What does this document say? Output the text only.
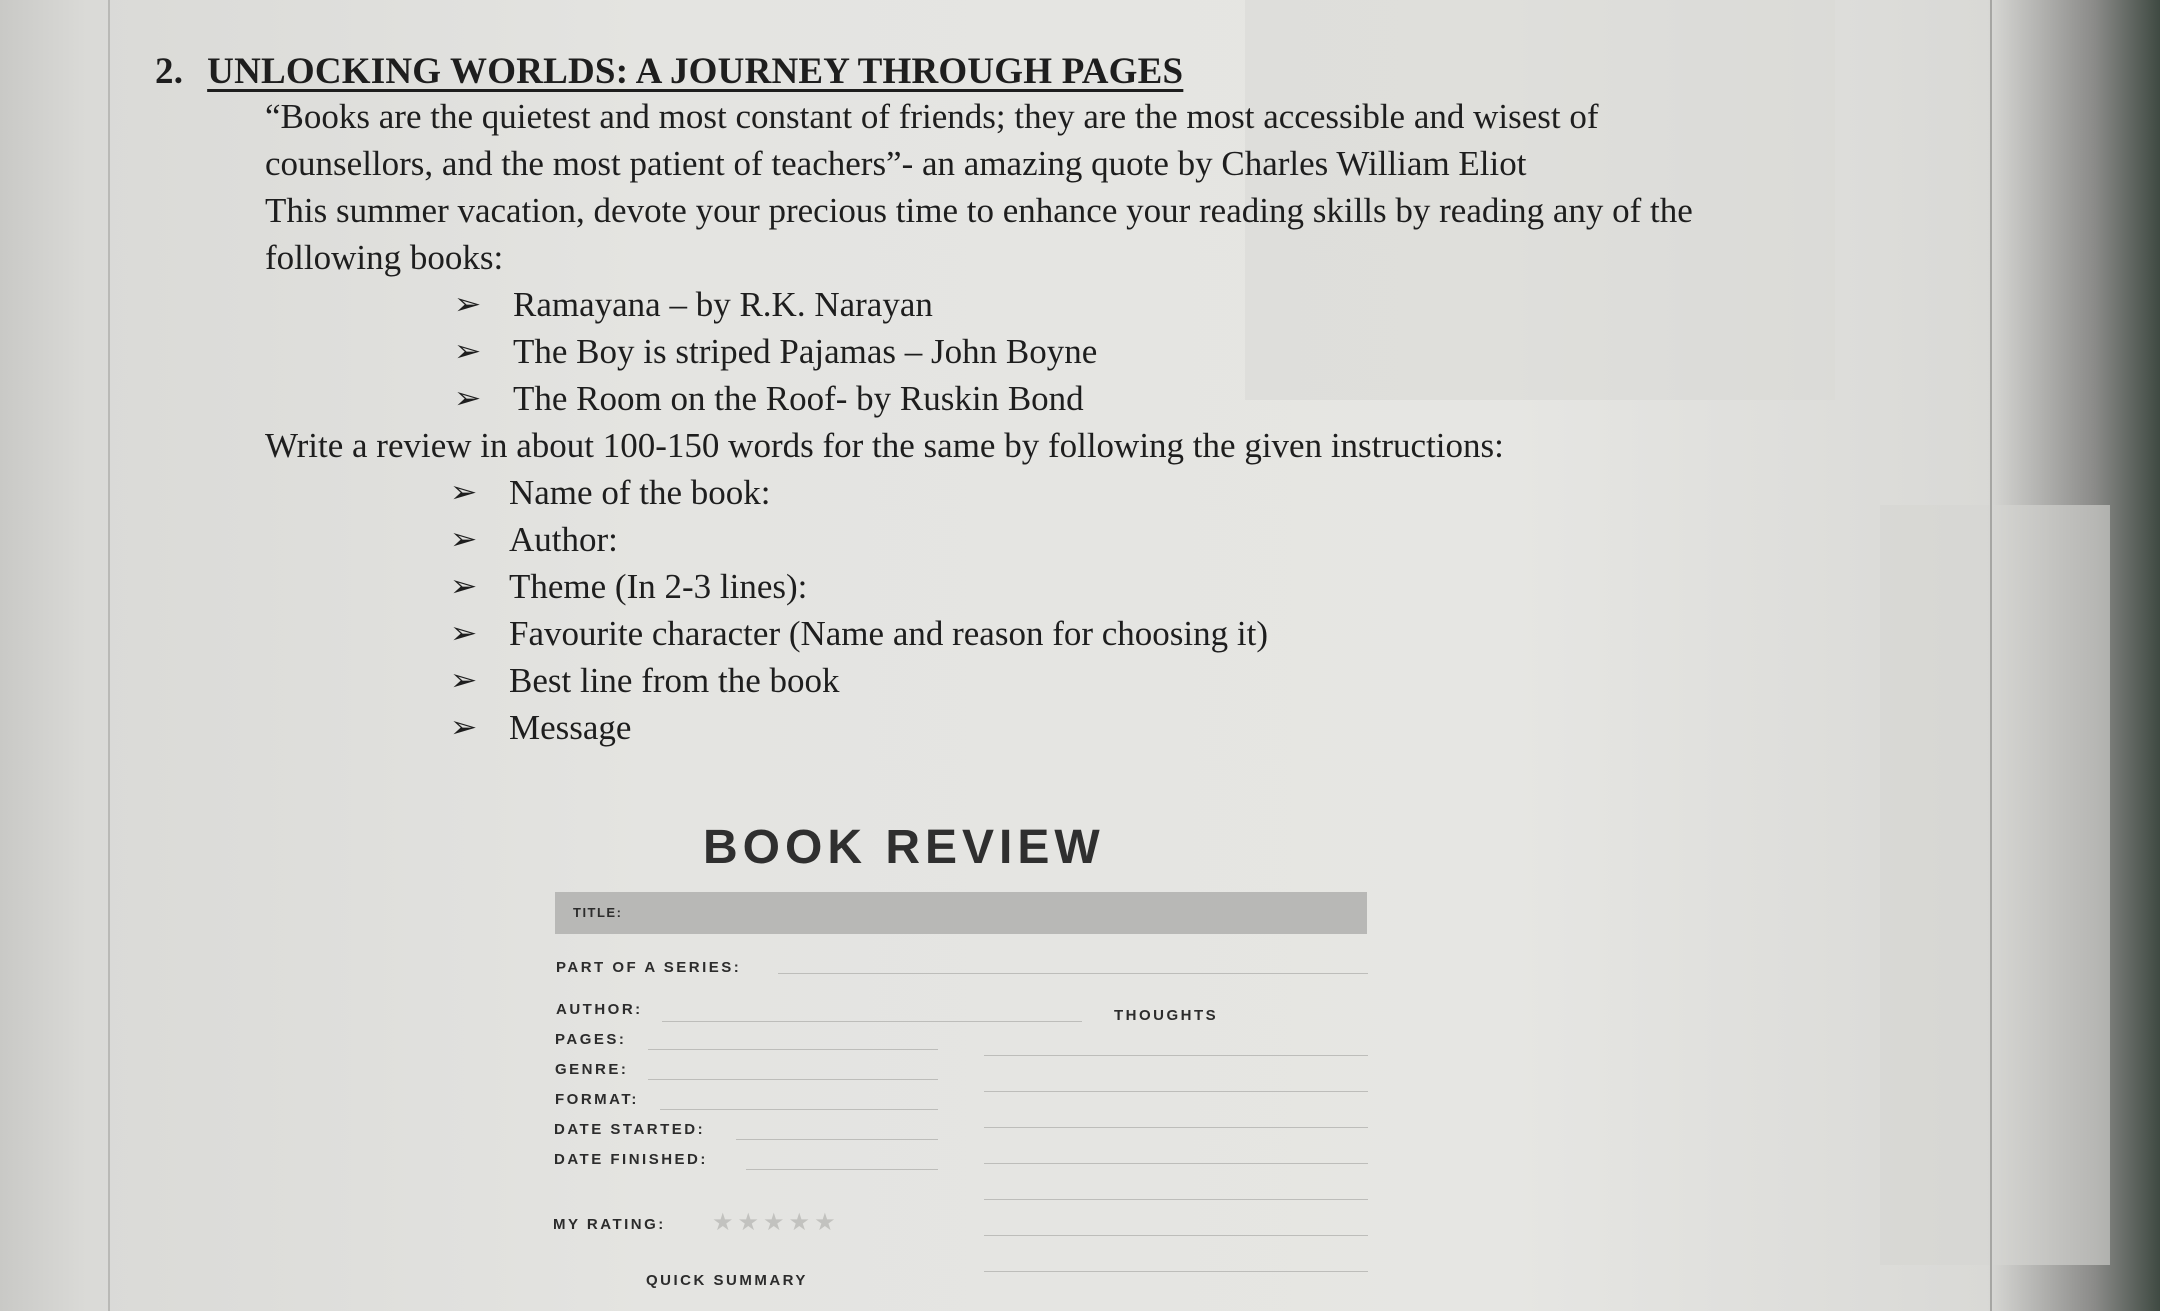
2. UNLOCKING WORLDS: A JOURNEY THROUGH PAGES

“Books are the quietest and most constant of friends; they are the most accessible and wisest of
counsellors, and the most patient of teachers”- an amazing quote by Charles William Eliot
This summer vacation, devote your precious time to enhance your reading skills by reading any of the
following books:

➢ Ramayana – by R.K. Narayan
➢ The Boy is striped Pajamas – John Boyne
➢ The Room on the Roof- by Ruskin Bond

Write a review in about 100-150 words for the same by following the given instructions:

➢ Name of the book:
➢ Author:
➢ Theme (In 2-3 lines):
➢ Favourite character (Name and reason for choosing it)
➢ Best line from the book
➢ Message
BOOK REVIEW
TITLE:
PART OF A SERIES:
AUTHOR:	THOUGHTS
PAGES:
GENRE:
FORMAT:
DATE STARTED:
DATE FINISHED:
MY RATING: ★★★★★
QUICK SUMMARY
